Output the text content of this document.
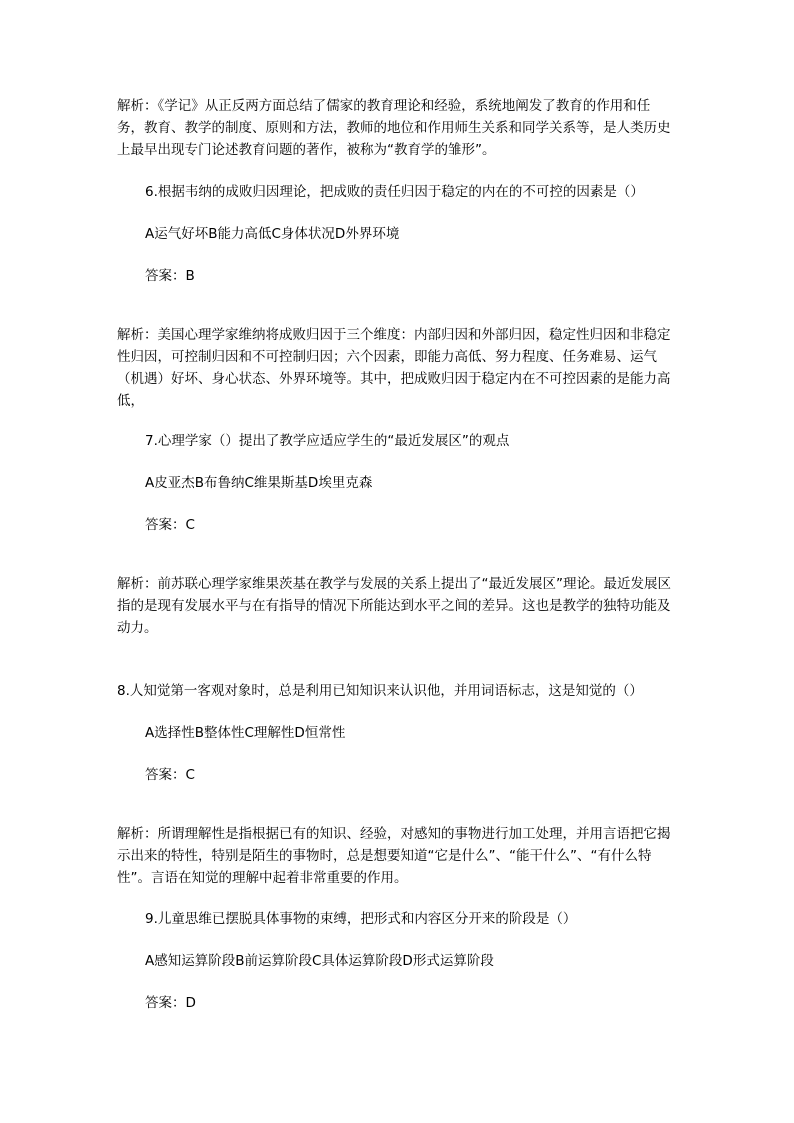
解析：《学记》从正反两方面总结了儒家的教育理论和经验，系统地阐发了教育的作用和任务，教育、教学的制度、原则和方法，教师的地位和作用师生关系和同学关系等，是人类历史上最早出现专门论述教育问题的著作，被称为“教育学的雏形”。
6.根据韦纳的成败归因理论，把成败的责任归因于稳定的内在的不可控的因素是（）
A运气好坏B能力高低C身体状况D外界环境
答案：B
解析：美国心理学家维纳将成败归因于三个维度：内部归因和外部归因，稳定性归因和非稳定性归因，可控制归因和不可控制归因；六个因素，即能力高低、努力程度、任务难易、运气（机遇）好坏、身心状态、外界环境等。其中，把成败归因于稳定内在不可控因素的是能力高低，
7.心理学家（）提出了教学应适应学生的“最近发展区”的观点
A皮亚杰B布鲁纳C维果斯基D埃里克森
答案：C
解析：前苏联心理学家维果茨基在教学与发展的关系上提出了“最近发展区”理论。最近发展区指的是现有发展水平与在有指导的情况下所能达到水平之间的差异。这也是教学的独特功能及动力。
8.人知觉第一客观对象时，总是利用已知知识来认识他，并用词语标志，这是知觉的（）
A选择性B整体性C理解性D恒常性
答案：C
解析：所谓理解性是指根据已有的知识、经验，对感知的事物进行加工处理，并用言语把它揭示出来的特性，特别是陌生的事物时，总是想要知道“它是什么”、“能干什么”、“有什么特性”。言语在知觉的理解中起着非常重要的作用。
9.儿童思维已摆脱具体事物的束缚，把形式和内容区分开来的阶段是（）
A感知运算阶段B前运算阶段C具体运算阶段D形式运算阶段
答案：D
